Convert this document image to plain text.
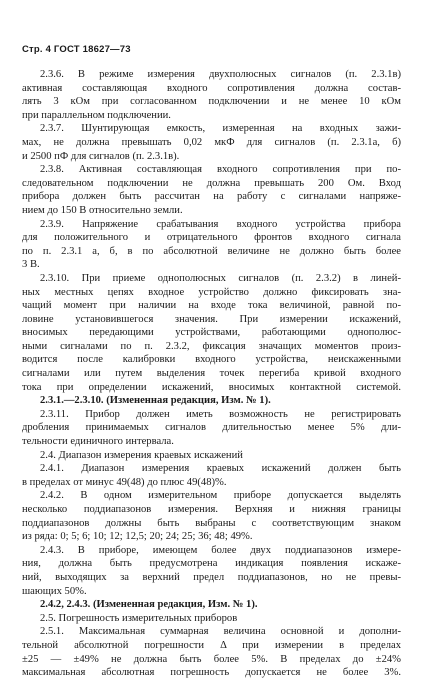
Стр. 4 ГОСТ 18627—73
2.3.6. В режиме измерения двухполюсных сигналов (п. 2.3.1в)
активная составляющая входного сопротивления должна состав-
лять 3 кОм при согласованном подключении и не менее 10 кОм
при параллельном подключении.
2.3.7. Шунтирующая емкость, измеренная на входных зажи-
мах, не должна превышать 0,02 мкФ для сигналов (п. 2.3.1а, б)
и 2500 пФ для сигналов (п. 2.3.1в).
2.3.8. Активная составляющая входного сопротивления при по-
следовательном подключении не должна превышать 200 Ом. Вход
прибора должен быть рассчитан на работу с сигналами напряже-
нием до 150 В относительно земли.
2.3.9. Напряжение срабатывания входного устройства прибора
для положительного и отрицательного фронтов входного сигнала
по п. 2.3.1 а, б, в по абсолютной величине не должно быть более
3 В.
2.3.10. При приеме однополюсных сигналов (п. 2.3.2) в линей-
ных местных цепях входное устройство должно фиксировать зна-
чащий момент при наличии на входе тока величиной, равной по-
ловине установившегося значения. При измерении искажений,
вносимых передающими устройствами, работающими однополюс-
ными сигналами по п. 2.3.2, фиксация значащих моментов произ-
водится после калибровки входного устройства, неискаженными
сигналами или путем выделения точек перегиба кривой входного
тока при определении искажений, вносимых контактной системой.
2.3.1.—2.3.10. (Измененная редакция, Изм. № 1).
2.3.11. Прибор должен иметь возможность не регистрировать
дробления принимаемых сигналов длительностью менее 5% дли-
тельности единичного интервала.
2.4. Диапазон измерения краевых искажений
2.4.1. Диапазон измерения краевых искажений должен быть
в пределах от минус 49(48) до плюс 49(48)%.
2.4.2. В одном измерительном приборе допускается выделять
несколько поддиапазонов измерения. Верхняя и нижняя границы
поддиапазонов должны быть выбраны с соответствующим знаком
из ряда: 0; 5; 6; 10; 12; 12,5; 20; 24; 25; 36; 48; 49%.
2.4.3. В приборе, имеющем более двух поддиапазонов измере-
ния, должна быть предусмотрена индикация появления искаже-
ний, выходящих за верхний предел поддиапазонов, но не превы-
шающих 50%.
2.4.2, 2.4.3. (Измененная редакция, Изм. № 1).
2.5. Погрешность измерительных приборов
2.5.1. Максимальная суммарная величина основной и дополни-
тельной абсолютной погрешности Δ при измерении в пределах
±25 — ±49% не должна быть более 5%. В пределах до ±24%
максимальная абсолютная погрешность допускается не более 3%.
